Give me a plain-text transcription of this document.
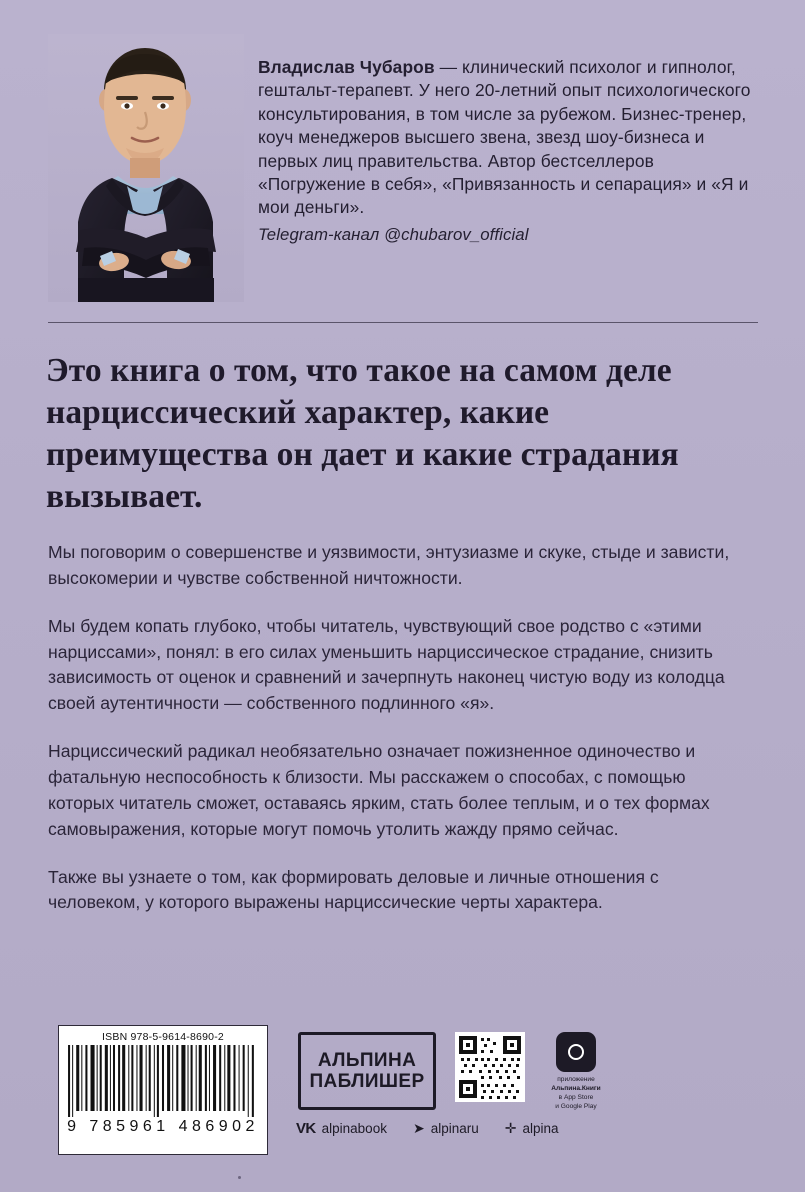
Владислав Чубаров — клинический психолог и гипнолог, гештальт-терапевт. У него 20-летний опыт психологического консультирования, в том числе за рубежом. Бизнес-тренер, коуч менеджеров высшего звена, звезд шоу-бизнеса и первых лиц правительства. Автор бестселлеров «Погружение в себя», «Привязанность и сепарация» и «Я и мои деньги».
Telegram-канал @chubarov_official
Это книга о том, что такое на самом деле нарциссический характер, какие преимущества он дает и какие страдания вызывает.

Мы поговорим о совершенстве и уязвимости, энтузиазме и скуке, стыде и зависти, высокомерии и чувстве собственной ничтожности.

Мы будем копать глубоко, чтобы читатель, чувствующий свое родство с «этими нарциссами», понял: в его силах уменьшить нарциссическое страдание, снизить зависимость от оценок и сравнений и зачерпнуть наконец чистую воду из колодца своей аутентичности — собственного подлинного «я».

Нарциссический радикал необязательно означает пожизненное одиночество и фатальную неспособность к близости. Мы расскажем о способах, с помощью которых читатель сможет, оставаясь ярким, стать более теплым, и о тех формах самовыражения, которые могут помочь утолить жажду прямо сейчас.

Также вы узнаете о том, как формировать деловые и личные отношения с человеком, у которого выражены нарциссические черты характера.

ISBN 978-5-9614-8690-2
9 785961 486902
АЛЬПИНА
ПАБЛИШЕР	приложение
Альпина.Книги
в App Store
и Google Play
VK alpinabook ➤ alpinaru ✛ alpina
